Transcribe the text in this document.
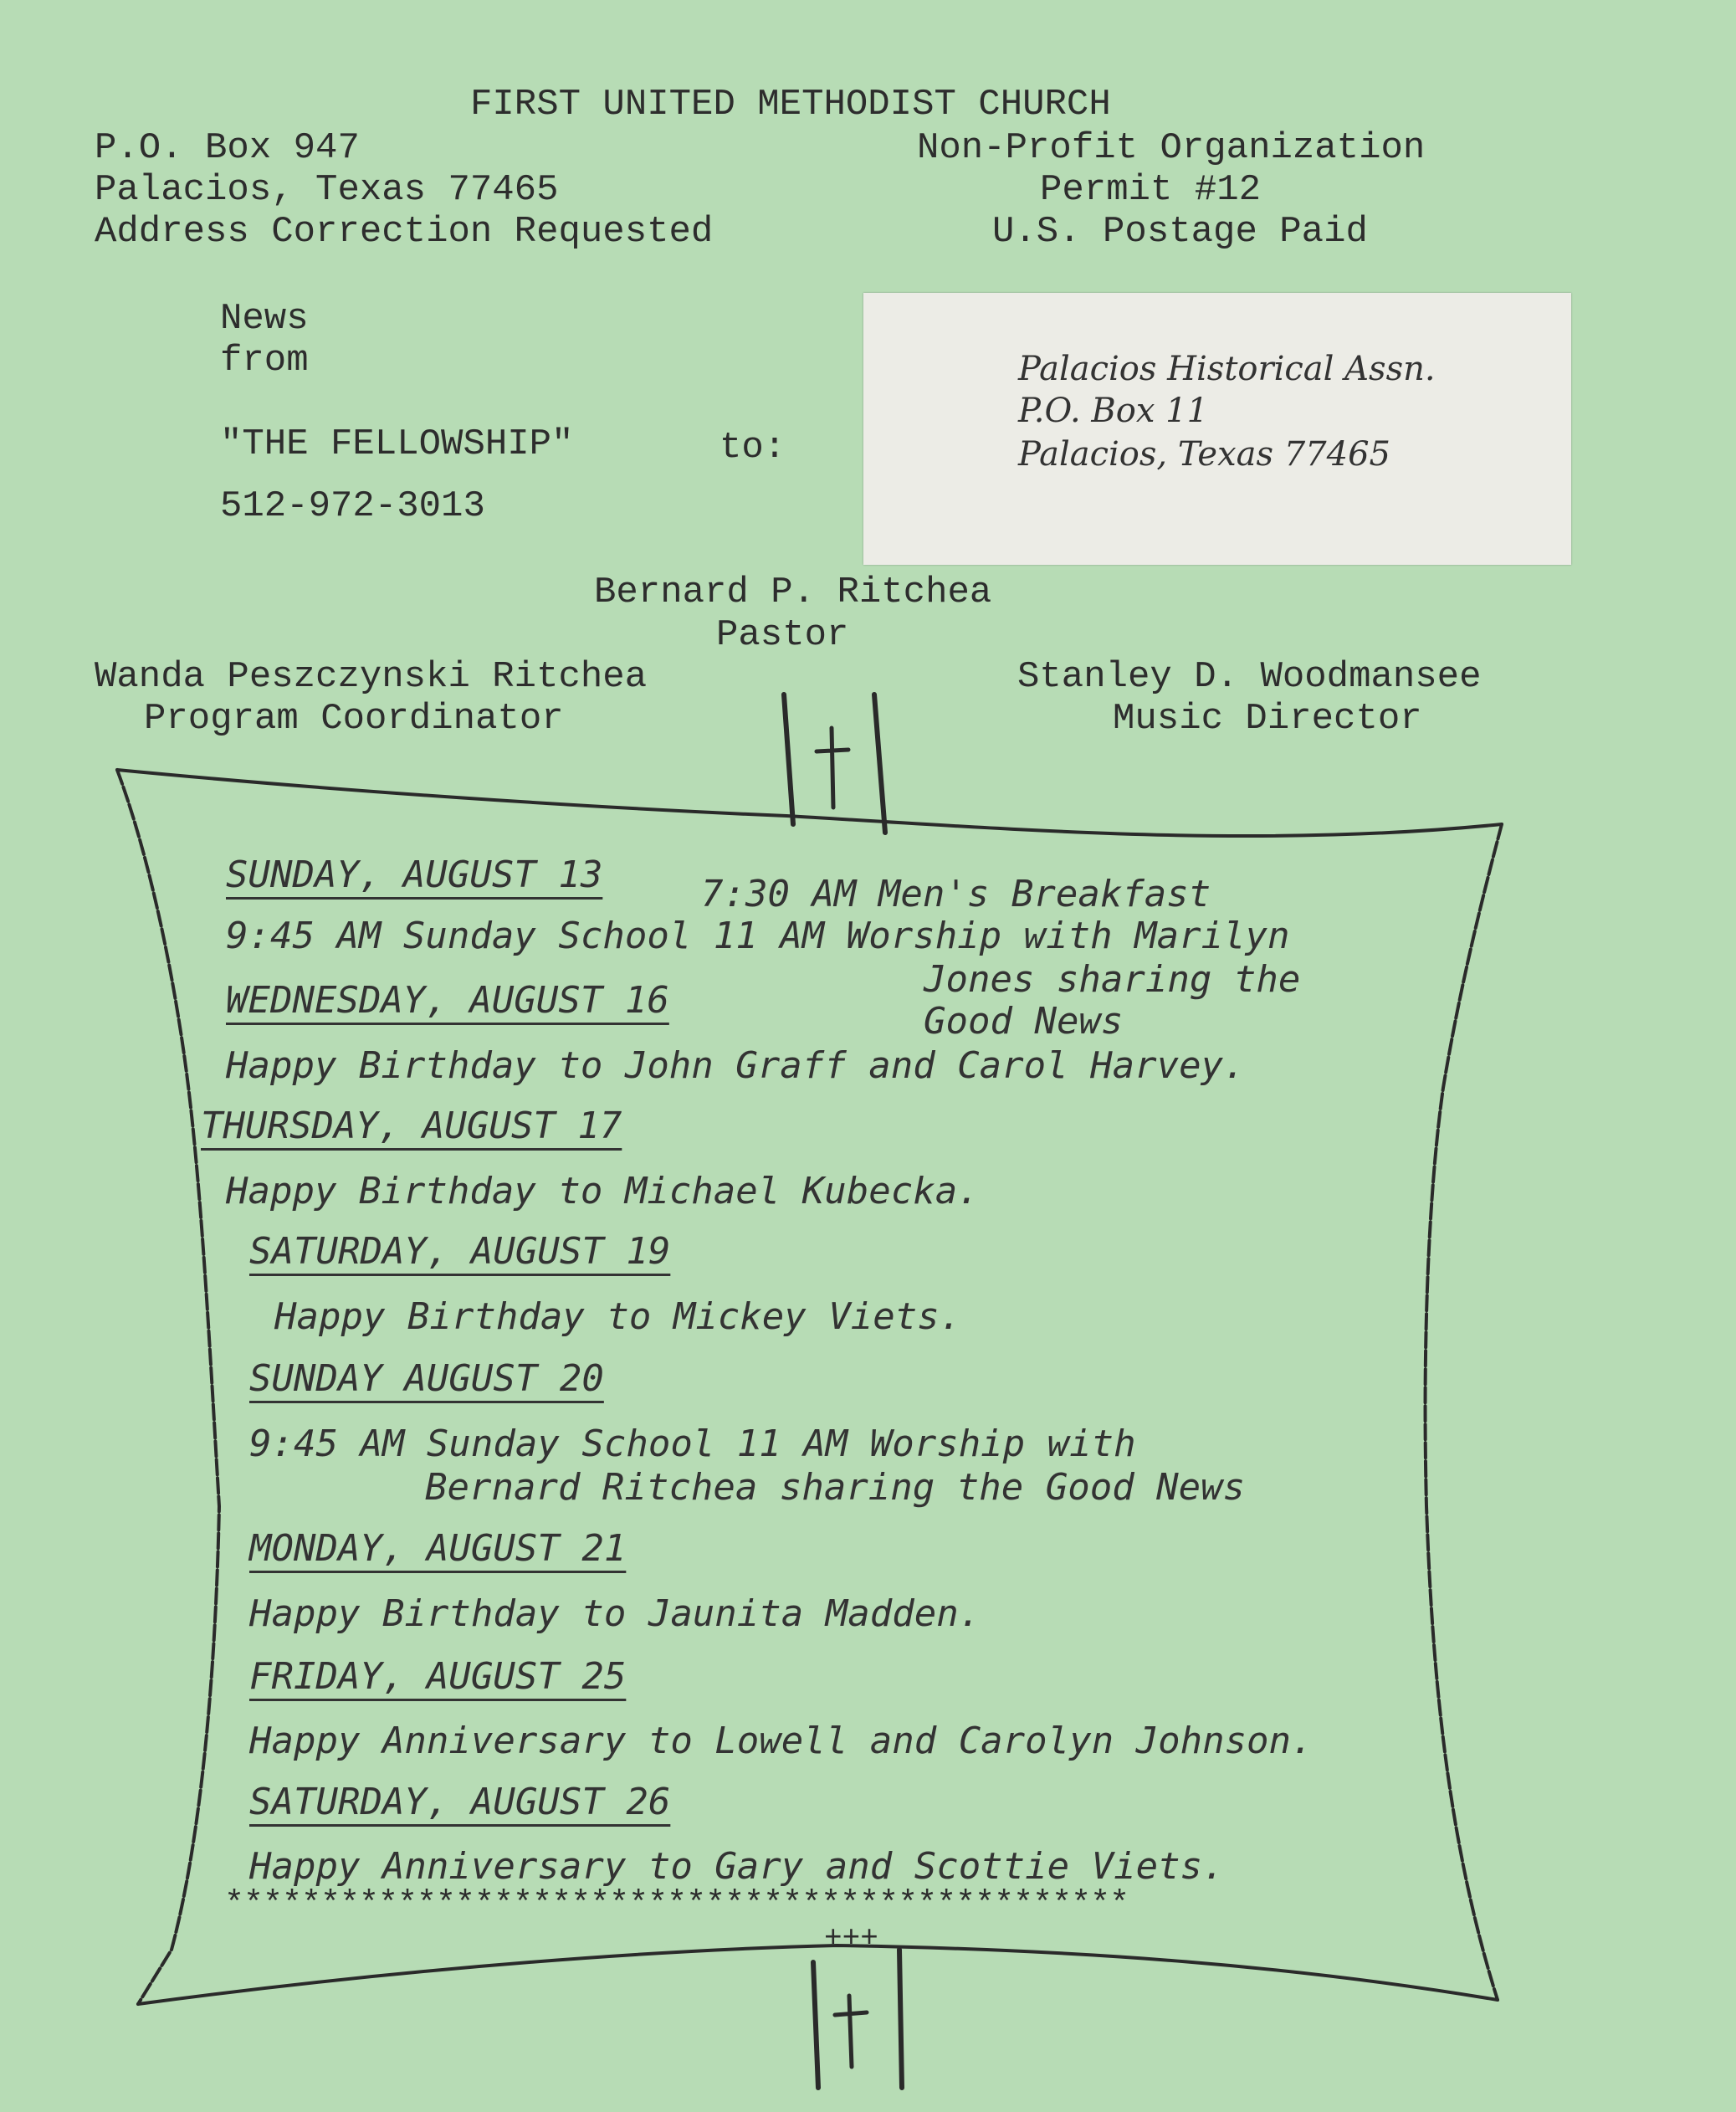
FIRST UNITED METHODIST CHURCH
P.O. Box 947
Palacios, Texas 77465
Address Correction Requested
Non-Profit Organization
Permit #12
U.S. Postage Paid
News
from
"THE FELLOWSHIP"	to:
512-972-3013
Palacios Historical Assn.
P.O. Box 11
Palacios, Texas 77465
Bernard P. Ritchea
Pastor
Wanda Peszczynski Ritchea
Program Coordinator
Stanley D. Woodmansee
Music Director
SUNDAY, AUGUST 13	7:30 AM Men's Breakfast
9:45 AM Sunday School 11 AM Worship with Marilyn
WEDNESDAY, AUGUST 16	Jones sharing the
Good News
Happy Birthday to John Graff and Carol Harvey.
THURSDAY, AUGUST 17
Happy Birthday to Michael Kubecka.
SATURDAY, AUGUST 19
Happy Birthday to Mickey Viets.
SUNDAY AUGUST 20
9:45 AM Sunday School 11 AM Worship with
Bernard Ritchea sharing the Good News
MONDAY, AUGUST 21
Happy Birthday to Jaunita Madden.
FRIDAY, AUGUST 25
Happy Anniversary to Lowell and Carolyn Johnson.
SATURDAY, AUGUST 26
Happy Anniversary to Gary and Scottie Viets.
***********************************************
+++
